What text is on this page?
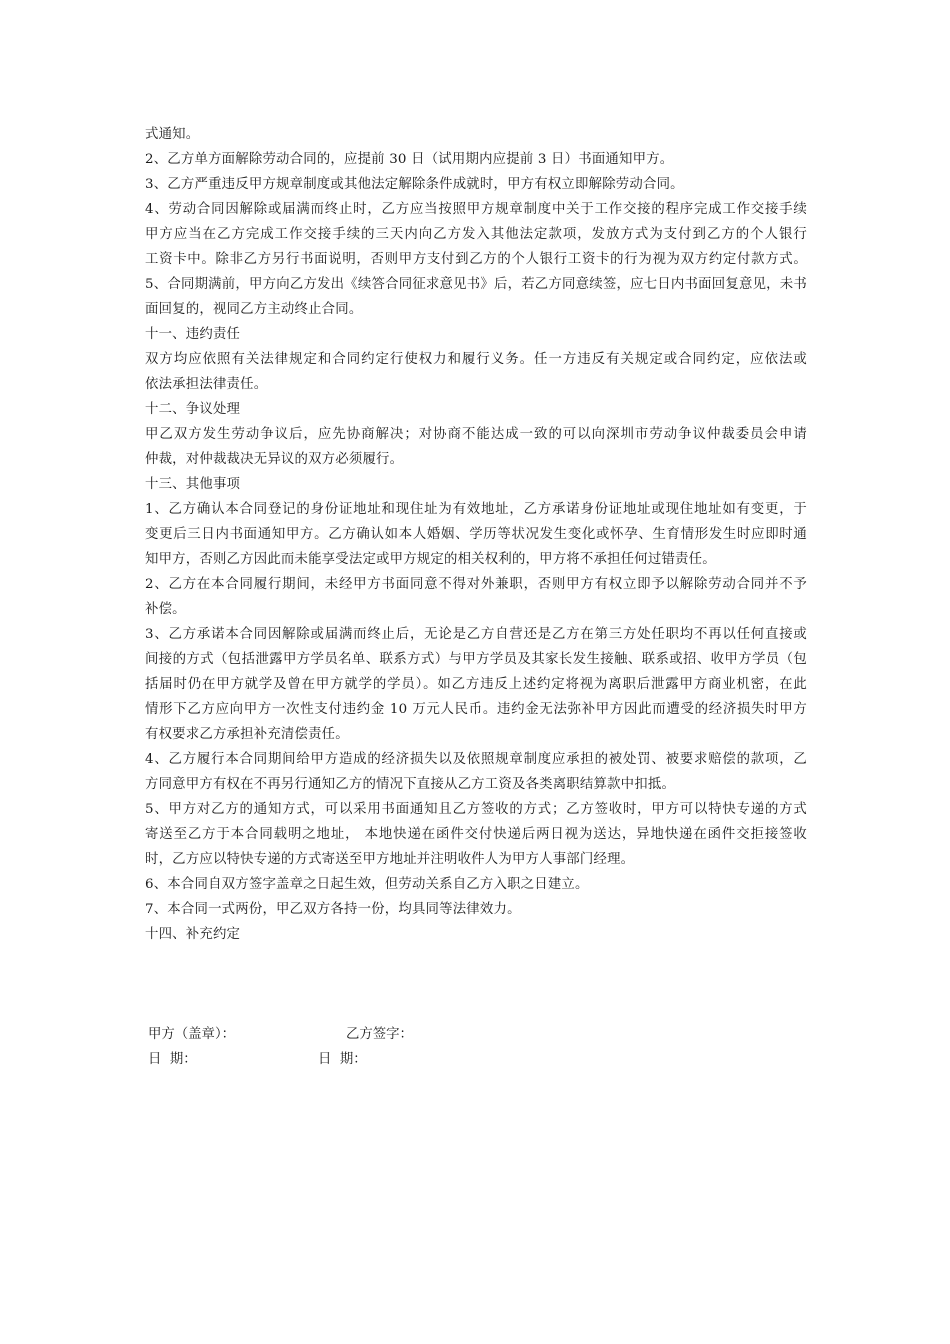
式通知。
2、乙方单方面解除劳动合同的，应提前 30 日（试用期内应提前 3 日）书面通知甲方。
3、乙方严重违反甲方规章制度或其他法定解除条件成就时，甲方有权立即解除劳动合同。
4、劳动合同因解除或届满而终止时，乙方应当按照甲方规章制度中关于工作交接的程序完成工作交接手续
甲方应当在乙方完成工作交接手续的三天内向乙方发入其他法定款项，发放方式为支付到乙方的个人银行
工资卡中。除非乙方另行书面说明，否则甲方支付到乙方的个人银行工资卡的行为视为双方约定付款方式。
5、合同期满前，甲方向乙方发出《续答合同征求意见书》后，若乙方同意续签，应七日内书面回复意见，未书
面回复的，视同乙方主动终止合同。
十一、违约责任
双方均应依照有关法律规定和合同约定行使权力和履行义务。任一方违反有关规定或合同约定，应依法或
依法承担法律责任。
十二、争议处理
甲乙双方发生劳动争议后，应先协商解决；对协商不能达成一致的可以向深圳市劳动争议仲裁委员会申请
仲裁，对仲裁裁决无异议的双方必须履行。
十三、其他事项
1、乙方确认本合同登记的身份证地址和现住址为有效地址，乙方承诺身份证地址或现住地址如有变更，于
变更后三日内书面通知甲方。乙方确认如本人婚姻、学历等状况发生变化或怀孕、生育情形发生时应即时通
知甲方，否则乙方因此而未能享受法定或甲方规定的相关权利的，甲方将不承担任何过错责任。
2、乙方在本合同履行期间，未经甲方书面同意不得对外兼职，否则甲方有权立即予以解除劳动合同并不予
补偿。
3、乙方承诺本合同因解除或届满而终止后，无论是乙方自营还是乙方在第三方处任职均不再以任何直接或
间接的方式（包括泄露甲方学员名单、联系方式）与甲方学员及其家长发生接触、联系或招、收甲方学员（包
括届时仍在甲方就学及曾在甲方就学的学员）。如乙方违反上述约定将视为离职后泄露甲方商业机密，在此
情形下乙方应向甲方一次性支付违约金 10 万元人民币。违约金无法弥补甲方因此而遭受的经济损失时甲方
有权要求乙方承担补充清偿责任。
4、乙方履行本合同期间给甲方造成的经济损失以及依照规章制度应承担的被处罚、被要求赔偿的款项，乙
方同意甲方有权在不再另行通知乙方的情况下直接从乙方工资及各类离职结算款中扣抵。
5、甲方对乙方的通知方式，可以采用书面通知且乙方签收的方式；乙方签收时，甲方可以特快专递的方式
寄送至乙方于本合同载明之地址， 本地快递在函件交付快递后两日视为送达，异地快递在函件交拒接签收
时，乙方应以特快专递的方式寄送至甲方地址并注明收件人为甲方人事部门经理。
6、本合同自双方签字盖章之日起生效，但劳动关系自乙方入职之日建立。
7、本合同一式两份，甲乙双方各持一份，均具同等法律效力。
十四、补充约定

甲方（盖章）：

	乙方签字：

日  期：

	日  期：
